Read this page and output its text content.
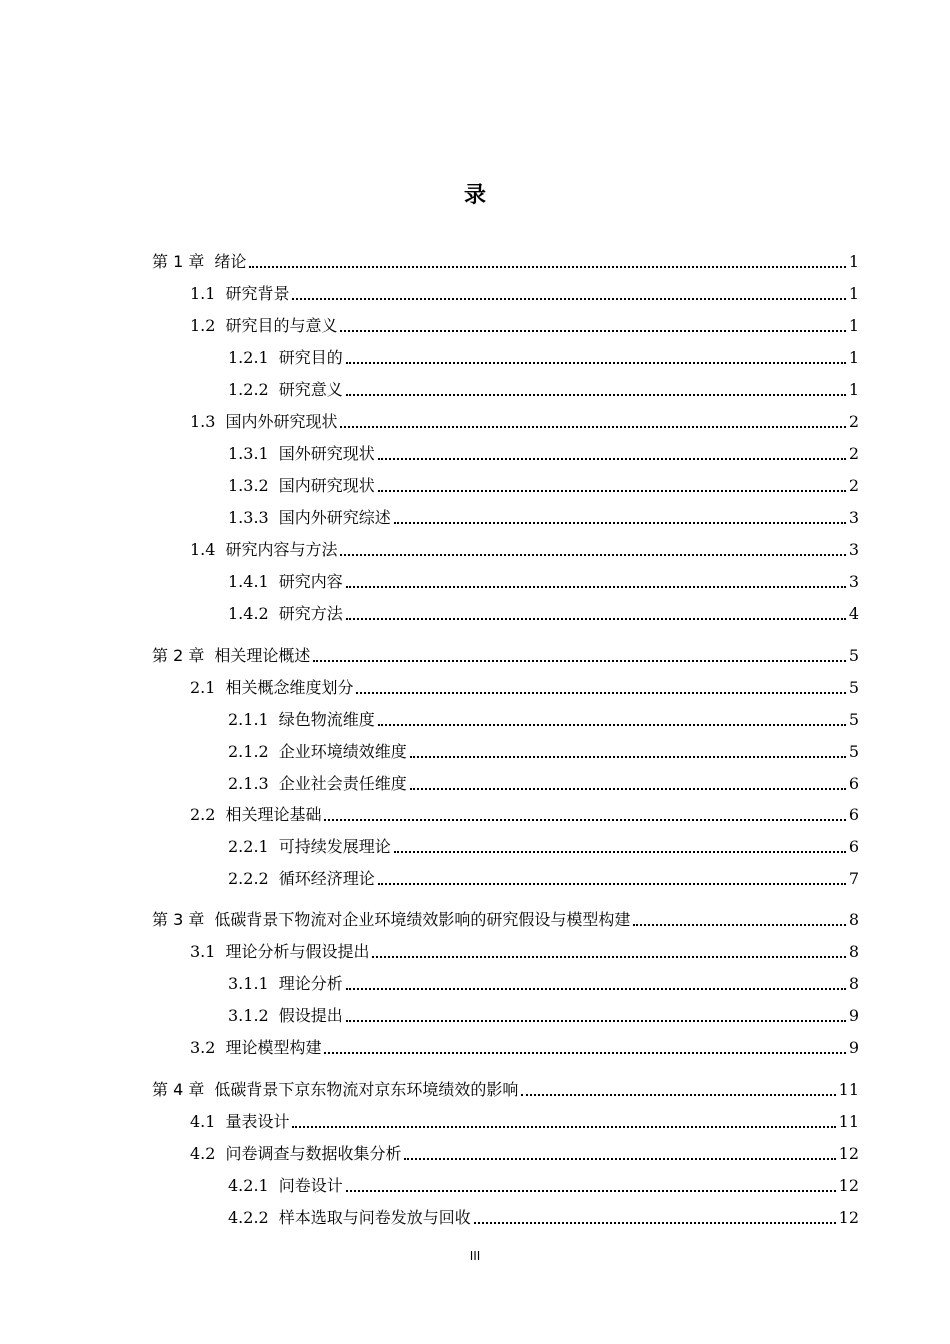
录
第 1 章 绪论	1
1.1 研究背景	1
1.2 研究目的与意义	1
1.2.1 研究目的	1
1.2.2 研究意义	1
1.3 国内外研究现状	2
1.3.1 国外研究现状	2
1.3.2 国内研究现状	2
1.3.3 国内外研究综述	3
1.4 研究内容与方法	3
1.4.1 研究内容	3
1.4.2 研究方法	4
第 2 章 相关理论概述	5
2.1 相关概念维度划分	5
2.1.1 绿色物流维度	5
2.1.2 企业环境绩效维度	5
2.1.3 企业社会责任维度	6
2.2 相关理论基础	6
2.2.1 可持续发展理论	6
2.2.2 循环经济理论	7
第 3 章 低碳背景下物流对企业环境绩效影响的研究假设与模型构建	8
3.1 理论分析与假设提出	8
3.1.1 理论分析	8
3.1.2 假设提出	9
3.2 理论模型构建	9
第 4 章 低碳背景下京东物流对京东环境绩效的影响	11
4.1 量表设计	11
4.2 问卷调查与数据收集分析	12
4.2.1 问卷设计	12
4.2.2 样本选取与问卷发放与回收	12
III
